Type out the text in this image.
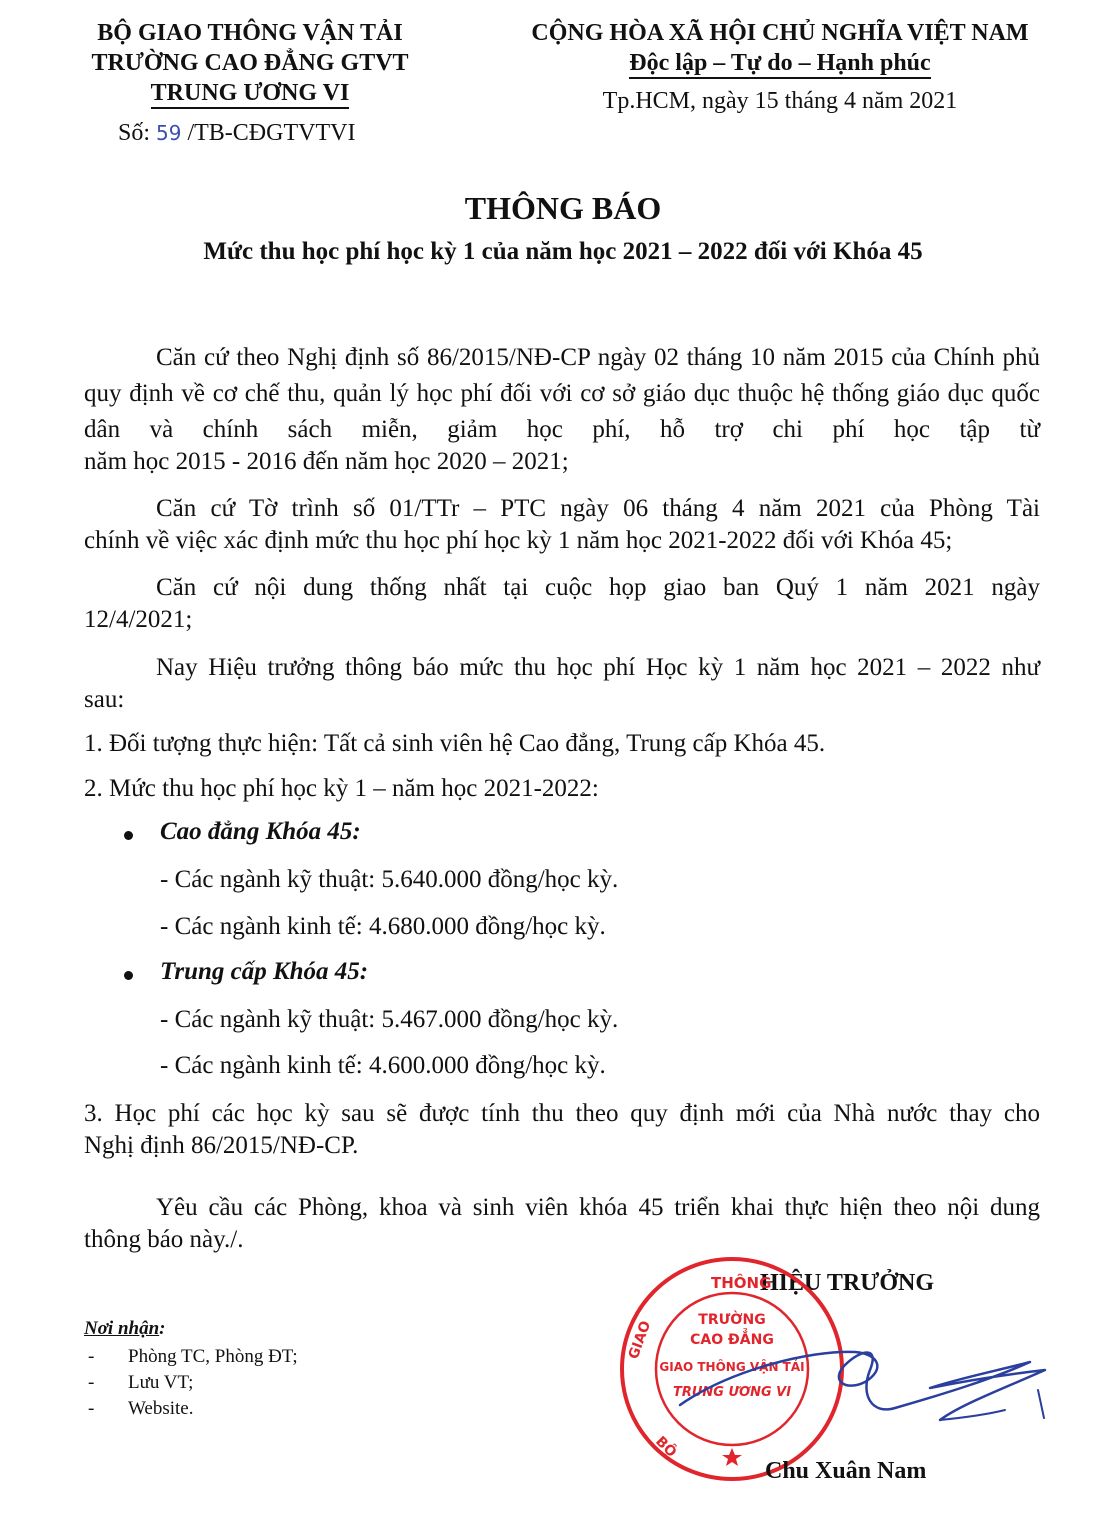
BỘ GIAO THÔNG VẬN TẢI
TRƯỜNG CAO ĐẲNG GTVT
TRUNG ƯƠNG VI
Số: 59 /TB-CĐGTVTVI
CỘNG HÒA XÃ HỘI CHỦ NGHĨA VIỆT NAM
Độc lập – Tự do – Hạnh phúc
Tp.HCM, ngày 15 tháng 4 năm 2021
THÔNG BÁO
Mức thu học phí học kỳ 1 của năm học 2021 – 2022 đối với Khóa 45
Căn cứ theo Nghị định số 86/2015/NĐ-CP ngày 02 tháng 10 năm 2015 của Chính phủ quy định về cơ chế thu, quản lý học phí đối với cơ sở giáo dục thuộc hệ thống giáo dục quốc dân và chính sách miễn, giảm học phí, hỗ trợ chi phí học tập từ
năm học 2015 - 2016 đến năm học 2020 – 2021;
Căn cứ Tờ trình số 01/TTr – PTC ngày 06 tháng 4 năm 2021 của Phòng Tài
chính về việc xác định mức thu học phí học kỳ 1 năm học 2021-2022 đối với Khóa 45;
Căn cứ nội dung thống nhất tại cuộc họp giao ban Quý 1 năm 2021 ngày
12/4/2021;
Nay Hiệu trưởng thông báo mức thu học phí Học kỳ 1 năm học 2021 – 2022 như
sau:
1. Đối tượng thực hiện: Tất cả sinh viên hệ Cao đẳng, Trung cấp Khóa 45.
2. Mức thu học phí học kỳ 1 – năm học 2021-2022:
Cao đẳng Khóa 45:
- Các ngành kỹ thuật: 5.640.000 đồng/học kỳ.
- Các ngành kinh tế: 4.680.000 đồng/học kỳ.
Trung cấp Khóa 45:
- Các ngành kỹ thuật: 5.467.000 đồng/học kỳ.
- Các ngành kinh tế: 4.600.000 đồng/học kỳ.
3. Học phí các học kỳ sau sẽ được tính thu theo quy định mới của Nhà nước thay cho
Nghị định 86/2015/NĐ-CP.
Yêu cầu các Phòng, khoa và sinh viên khóa 45 triển khai thực hiện theo nội dung
thông báo này./.
Nơi nhận:
- Phòng TC, Phòng ĐT;
- Lưu VT;
- Website.
HIỆU TRƯỞNG
THÔNG
GIAO
BỘ
TRƯỜNG
CAO ĐẲNG
GIAO THÔNG VẬN TẢI
TRUNG ƯƠNG VI
Chu Xuân Nam
